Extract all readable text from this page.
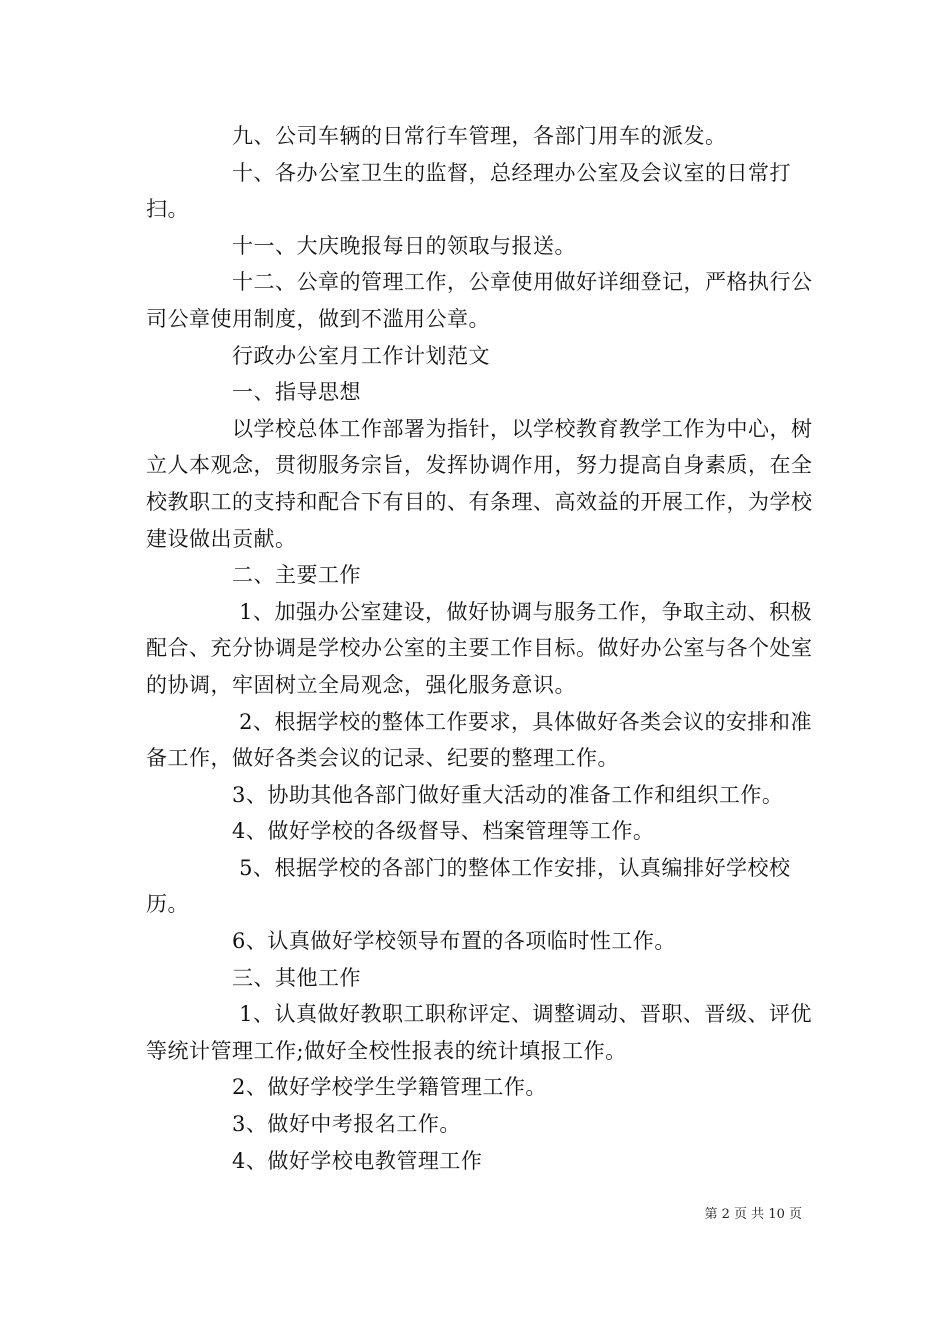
　　　　九、公司车辆的日常行车管理，各部门用车的派发。

　　　　十、各办公室卫生的监督，总经理办公室及会议室的日常打扫。

　　　　十一、大庆晚报每日的领取与报送。

　　　　十二、公章的管理工作，公章使用做好详细登记，严格执行公司公章使用制度，做到不滥用公章。

　　　　行政办公室月工作计划范文

　　　　一、指导思想

　　　　以学校总体工作部署为指针，以学校教育教学工作为中心，树立人本观念，贯彻服务宗旨，发挥协调作用，努力提高自身素质，在全校教职工的支持和配合下有目的、有条理、高效益的开展工作，为学校建设做出贡献。

　　　　二、主要工作

　　　　 1、加强办公室建设，做好协调与服务工作，争取主动、积极配合、充分协调是学校办公室的主要工作目标。做好办公室与各个处室的协调，牢固树立全局观念，强化服务意识。

　　　　 2、根据学校的整体工作要求，具体做好各类会议的安排和准备工作，做好各类会议的记录、纪要的整理工作。

　　　　3、协助其他各部门做好重大活动的准备工作和组织工作。

　　　　4、做好学校的各级督导、档案管理等工作。

　　　　 5、根据学校的各部门的整体工作安排，认真编排好学校校历。

　　　　6、认真做好学校领导布置的各项临时性工作。

　　　　三、其他工作

　　　　 1、认真做好教职工职称评定、调整调动、晋职、晋级、评优等统计管理工作;做好全校性报表的统计填报工作。

　　　　2、做好学校学生学籍管理工作。

　　　　3、做好中考报名工作。

　　　　4、做好学校电教管理工作

第 2 页 共 10 页
